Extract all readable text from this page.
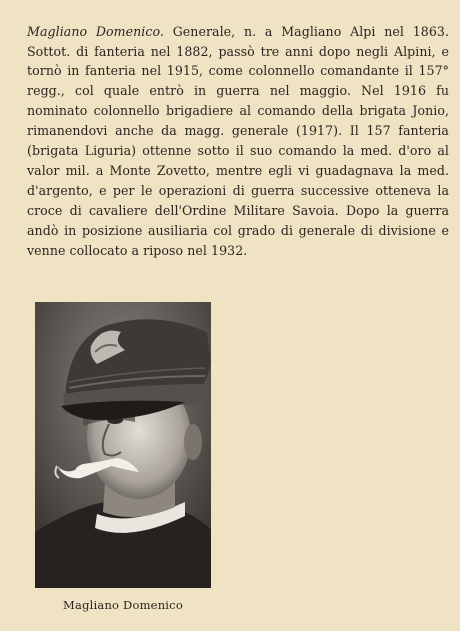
Magliano Domenico. Generale, n. a Magliano Alpi nel 1863. Sottot. di fanteria nel 1882, passò tre anni dopo negli Alpini, e tornò in fanteria nel 1915, come colonnello comandante il 157° regg., col quale entrò in guerra nel maggio. Nel 1916 fu nominato colonnello brigadiere al comando della brigata Jonio, rimanendovi anche da magg. generale (1917). Il 157 fanteria (brigata Liguria) ottenne sotto il suo comando la med. d'oro al valor mil. a Monte Zovetto, mentre egli vi guadagnava la med. d'argento, e per le operazioni di guerra successive otteneva la croce di cavaliere dell'Ordine Militare Savoia. Dopo la guerra andò in posizione ausiliaria col grado di generale di divisione e venne collocato a riposo nel 1932.

Magliano Domenico
